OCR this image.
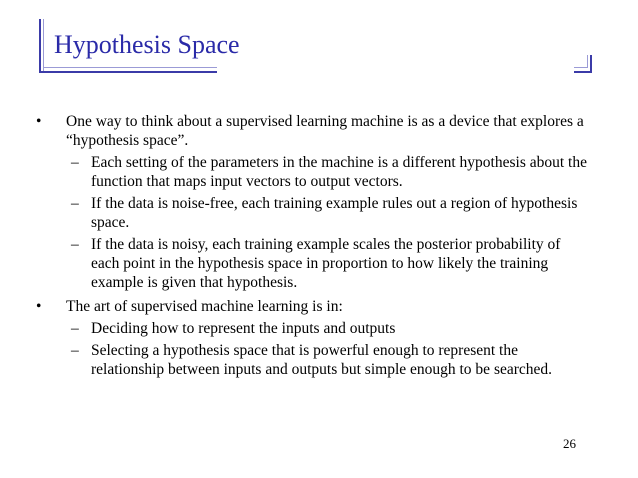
Hypothesis Space
• One way to think about a supervised learning machine is as a device that explores a “hypothesis space”.
– Each setting of the parameters in the machine is a different hypothesis about the function that maps input vectors to output vectors.
– If the data is noise-free, each training example rules out a region of hypothesis space.
– If the data is noisy, each training example scales the posterior probability of each point in the hypothesis space in proportion to how likely the training example is given that hypothesis.
• The art of supervised machine learning is in:
– Deciding how to represent the inputs and outputs
– Selecting a hypothesis space that is powerful enough to represent the relationship between inputs and outputs but simple enough to be searched.
26
